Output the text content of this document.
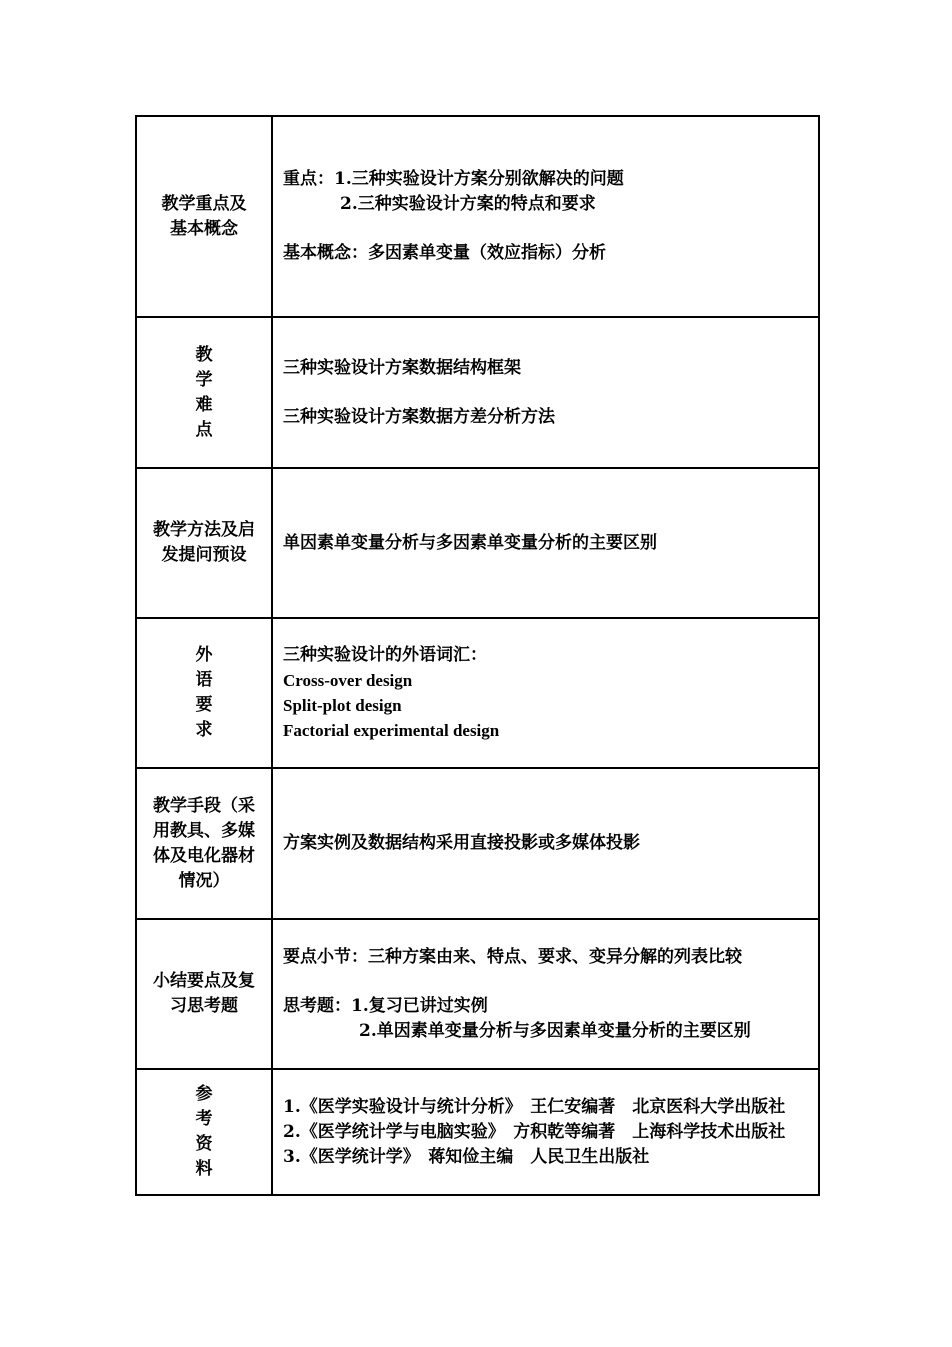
教学重点及
基本概念	重点：1.三种实验设计方案分别欲解决的问题
2.三种实验设计方案的特点和要求
基本概念：多因素单变量（效应指标）分析

教
学
难
点	三种实验设计方案数据结构框架
三种实验设计方案数据方差分析方法

教学方法及启
发提问预设	单因素单变量分析与多因素单变量分析的主要区别

外
语
要
求	三种实验设计的外语词汇：
Cross-over design
Split-plot design
Factorial experimental design

教学手段（采
用教具、多媒
体及电化器材
情况）	方案实例及数据结构采用直接投影或多媒体投影

小结要点及复
习思考题	要点小节：三种方案由来、特点、要求、变异分解的列表比较
思考题：1.复习已讲过实例
2.单因素单变量分析与多因素单变量分析的主要区别

参
考
资
料	1.《医学实验设计与统计分析》　王仁安编著　北京医科大学出版社
2.《医学统计学与电脑实验》　方积乾等编著　上海科学技术出版社
3.《医学统计学》　蒋知俭主编　人民卫生出版社
